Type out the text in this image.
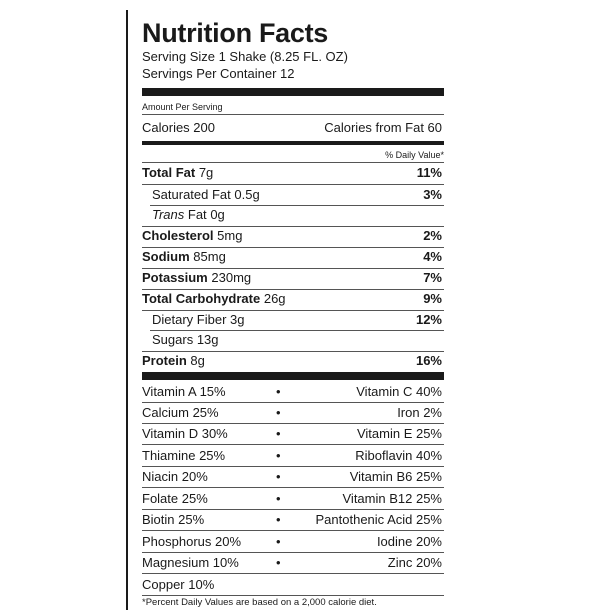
Nutrition Facts
Serving Size 1 Shake (8.25 FL. OZ)
Servings Per Container 12
Amount Per Serving
Calories 200	Calories from Fat 60
% Daily Value*
Total Fat 7g	11%
Saturated Fat 0.5g	3%
Trans Fat 0g
Cholesterol 5mg	2%
Sodium 85mg	4%
Potassium 230mg	7%
Total Carbohydrate 26g	9%
Dietary Fiber 3g	12%
Sugars 13g
Protein 8g	16%
Vitamin A 15%	•	Vitamin C 40%
Calcium 25%	•	Iron 2%
Vitamin D 30%	•	Vitamin E 25%
Thiamine 25%	•	Riboflavin 40%
Niacin 20%	•	Vitamin B6 25%
Folate 25%	•	Vitamin B12 25%
Biotin 25%	•	Pantothenic Acid 25%
Phosphorus 20%	•	Iodine 20%
Magnesium 10%	•	Zinc 20%
Copper 10%
*Percent Daily Values are based on a 2,000 calorie diet.
